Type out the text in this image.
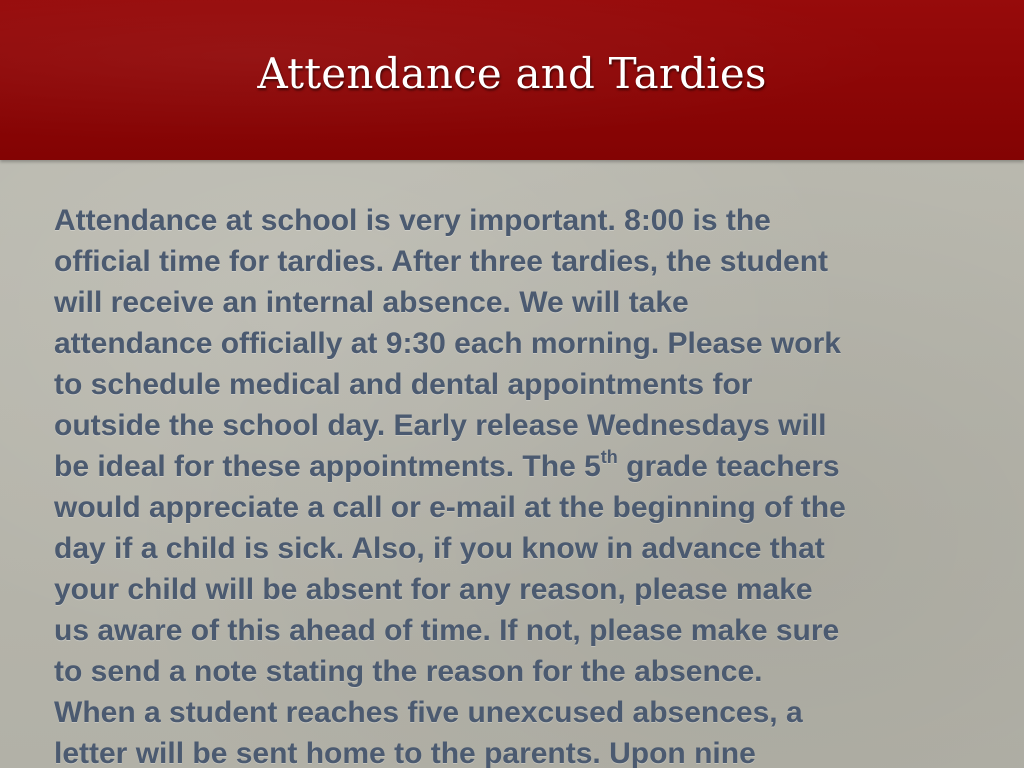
Attendance and Tardies
Attendance at school is very important. 8:00 is the
official time for tardies. After three tardies, the student
will receive an internal absence. We will take
attendance officially at 9:30 each morning. Please work
to schedule medical and dental appointments for
outside the school day. Early release Wednesdays will
be ideal for these appointments. The 5th grade teachers
would appreciate a call or e-mail at the beginning of the
day if a child is sick. Also, if you know in advance that
your child will be absent for any reason, please make
us aware of this ahead of time. If not, please make sure
to send a note stating the reason for the absence.
When a student reaches five unexcused absences, a
letter will be sent home to the parents. Upon nine
